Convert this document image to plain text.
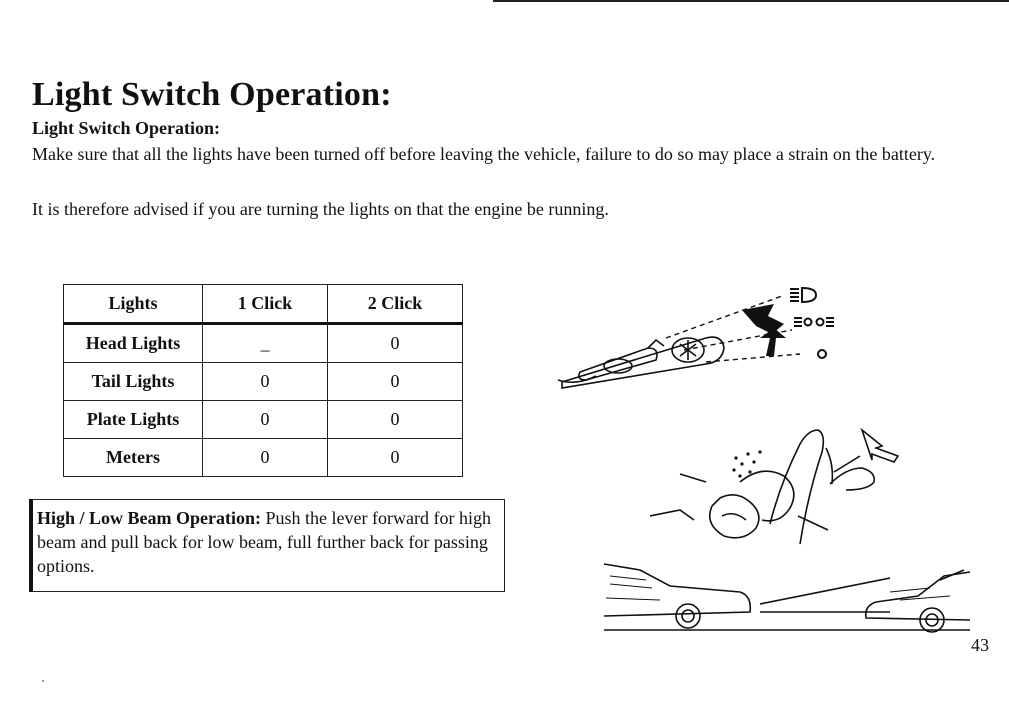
Light Switch Operation:
Light Switch Operation:

Make sure that all the lights have been turned off before leaving the vehicle, failure to do so may place a strain on the battery.

It is therefore advised if you are turning the lights on that the engine be running.

Lights	1 Click	2 Click
Head Lights	_	0
Tail Lights	0	0
Plate Lights	0	0
Meters	0	0
High / Low Beam Operation: Push the lever forward for high beam and pull back for low beam, full further back for passing options.
43
